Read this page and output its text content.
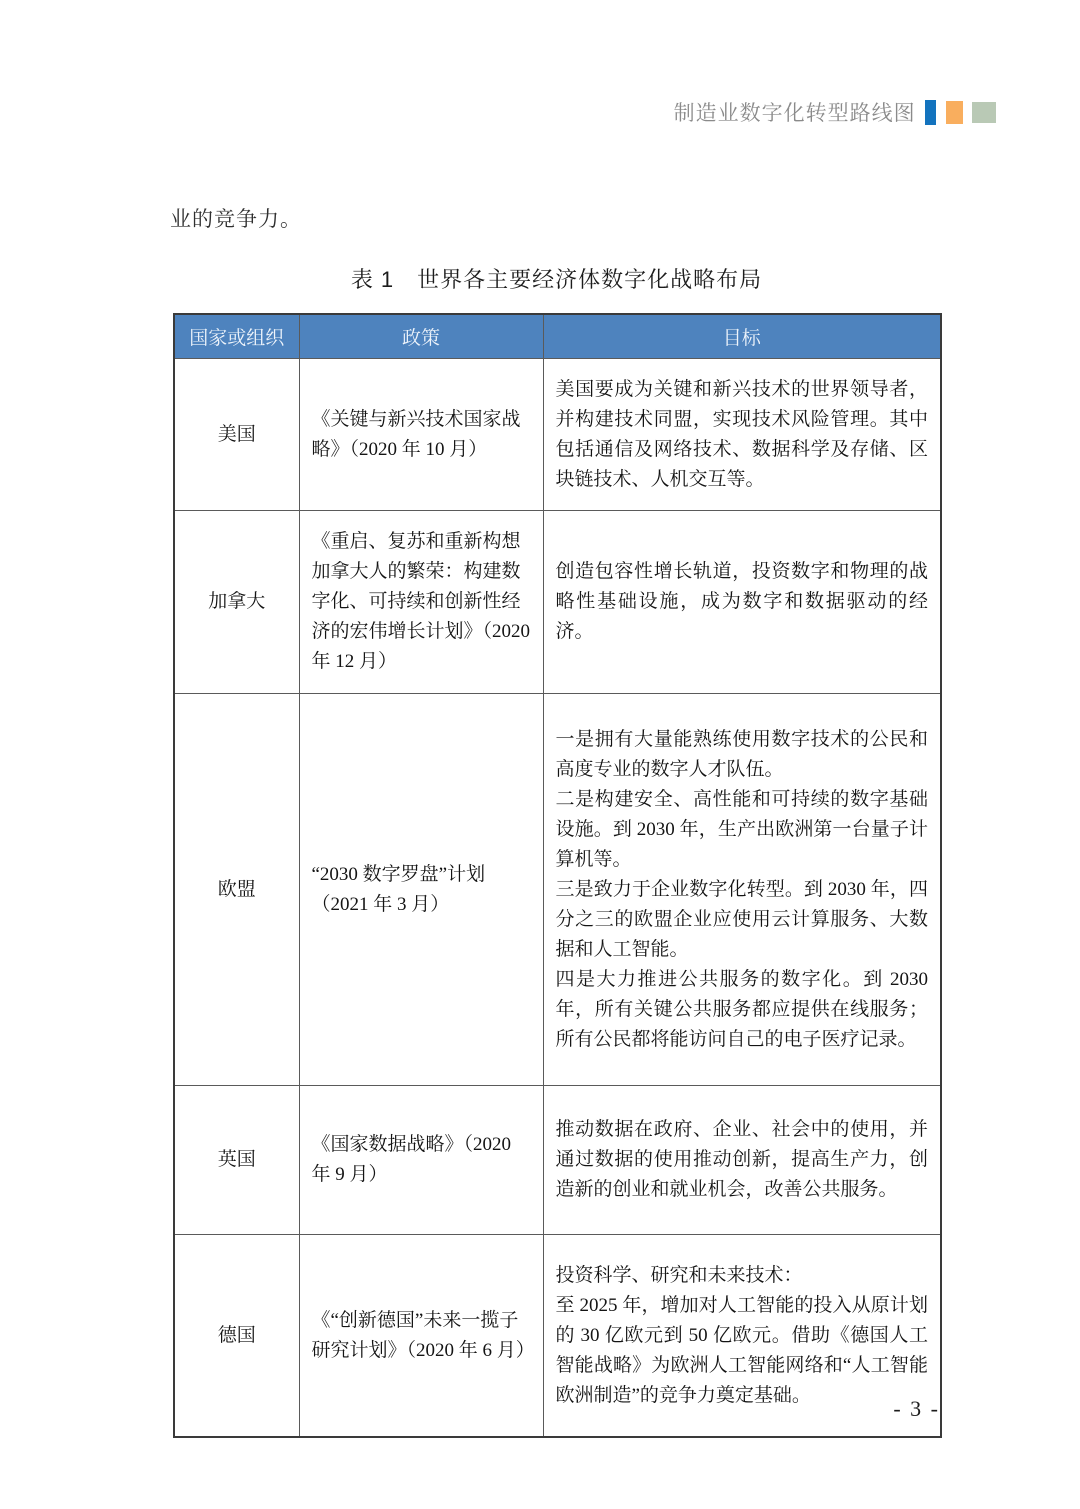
制造业数字化转型路线图

业的竞争力。

表 1　世界各主要经济体数字化战略布局
国家或组织	政策	目标
美国	《关键与新兴技术国家战略》（2020 年 10 月）	美国要成为关键和新兴技术的世界领导者，并构建技术同盟，实现技术风险管理。其中包括通信及网络技术、数据科学及存储、区块链技术、人机交互等。

加拿大	《重启、复苏和重新构想加拿大人的繁荣：构建数字化、可持续和创新性经济的宏伟增长计划》（2020 年 12 月）	创造包容性增长轨道，投资数字和物理的战略性基础设施，成为数字和数据驱动的经济。

欧盟	“2030 数字罗盘”计划（2021 年 3 月）	一是拥有大量能熟练使用数字技术的公民和高度专业的数字人才队伍。

二是构建安全、高性能和可持续的数字基础设施。到 2030 年，生产出欧洲第一台量子计算机等。

三是致力于企业数字化转型。到 2030 年，四分之三的欧盟企业应使用云计算服务、大数据和人工智能。

四是大力推进公共服务的数字化。到 2030 年，所有关键公共服务都应提供在线服务；所有公民都将能访问自己的电子医疗记录。

英国	《国家数据战略》（2020 年 9 月）	推动数据在政府、企业、社会中的使用，并通过数据的使用推动创新，提高生产力，创造新的创业和就业机会，改善公共服务。

德国	《“创新德国”未来一揽子研究计划》（2020 年 6 月）	投资科学、研究和未来技术：

至 2025 年，增加对人工智能的投入从原计划的 30 亿欧元到 50 亿欧元。借助《德国人工智能战略》为欧洲人工智能网络和“人工智能欧洲制造”的竞争力奠定基础。

- 3 -
